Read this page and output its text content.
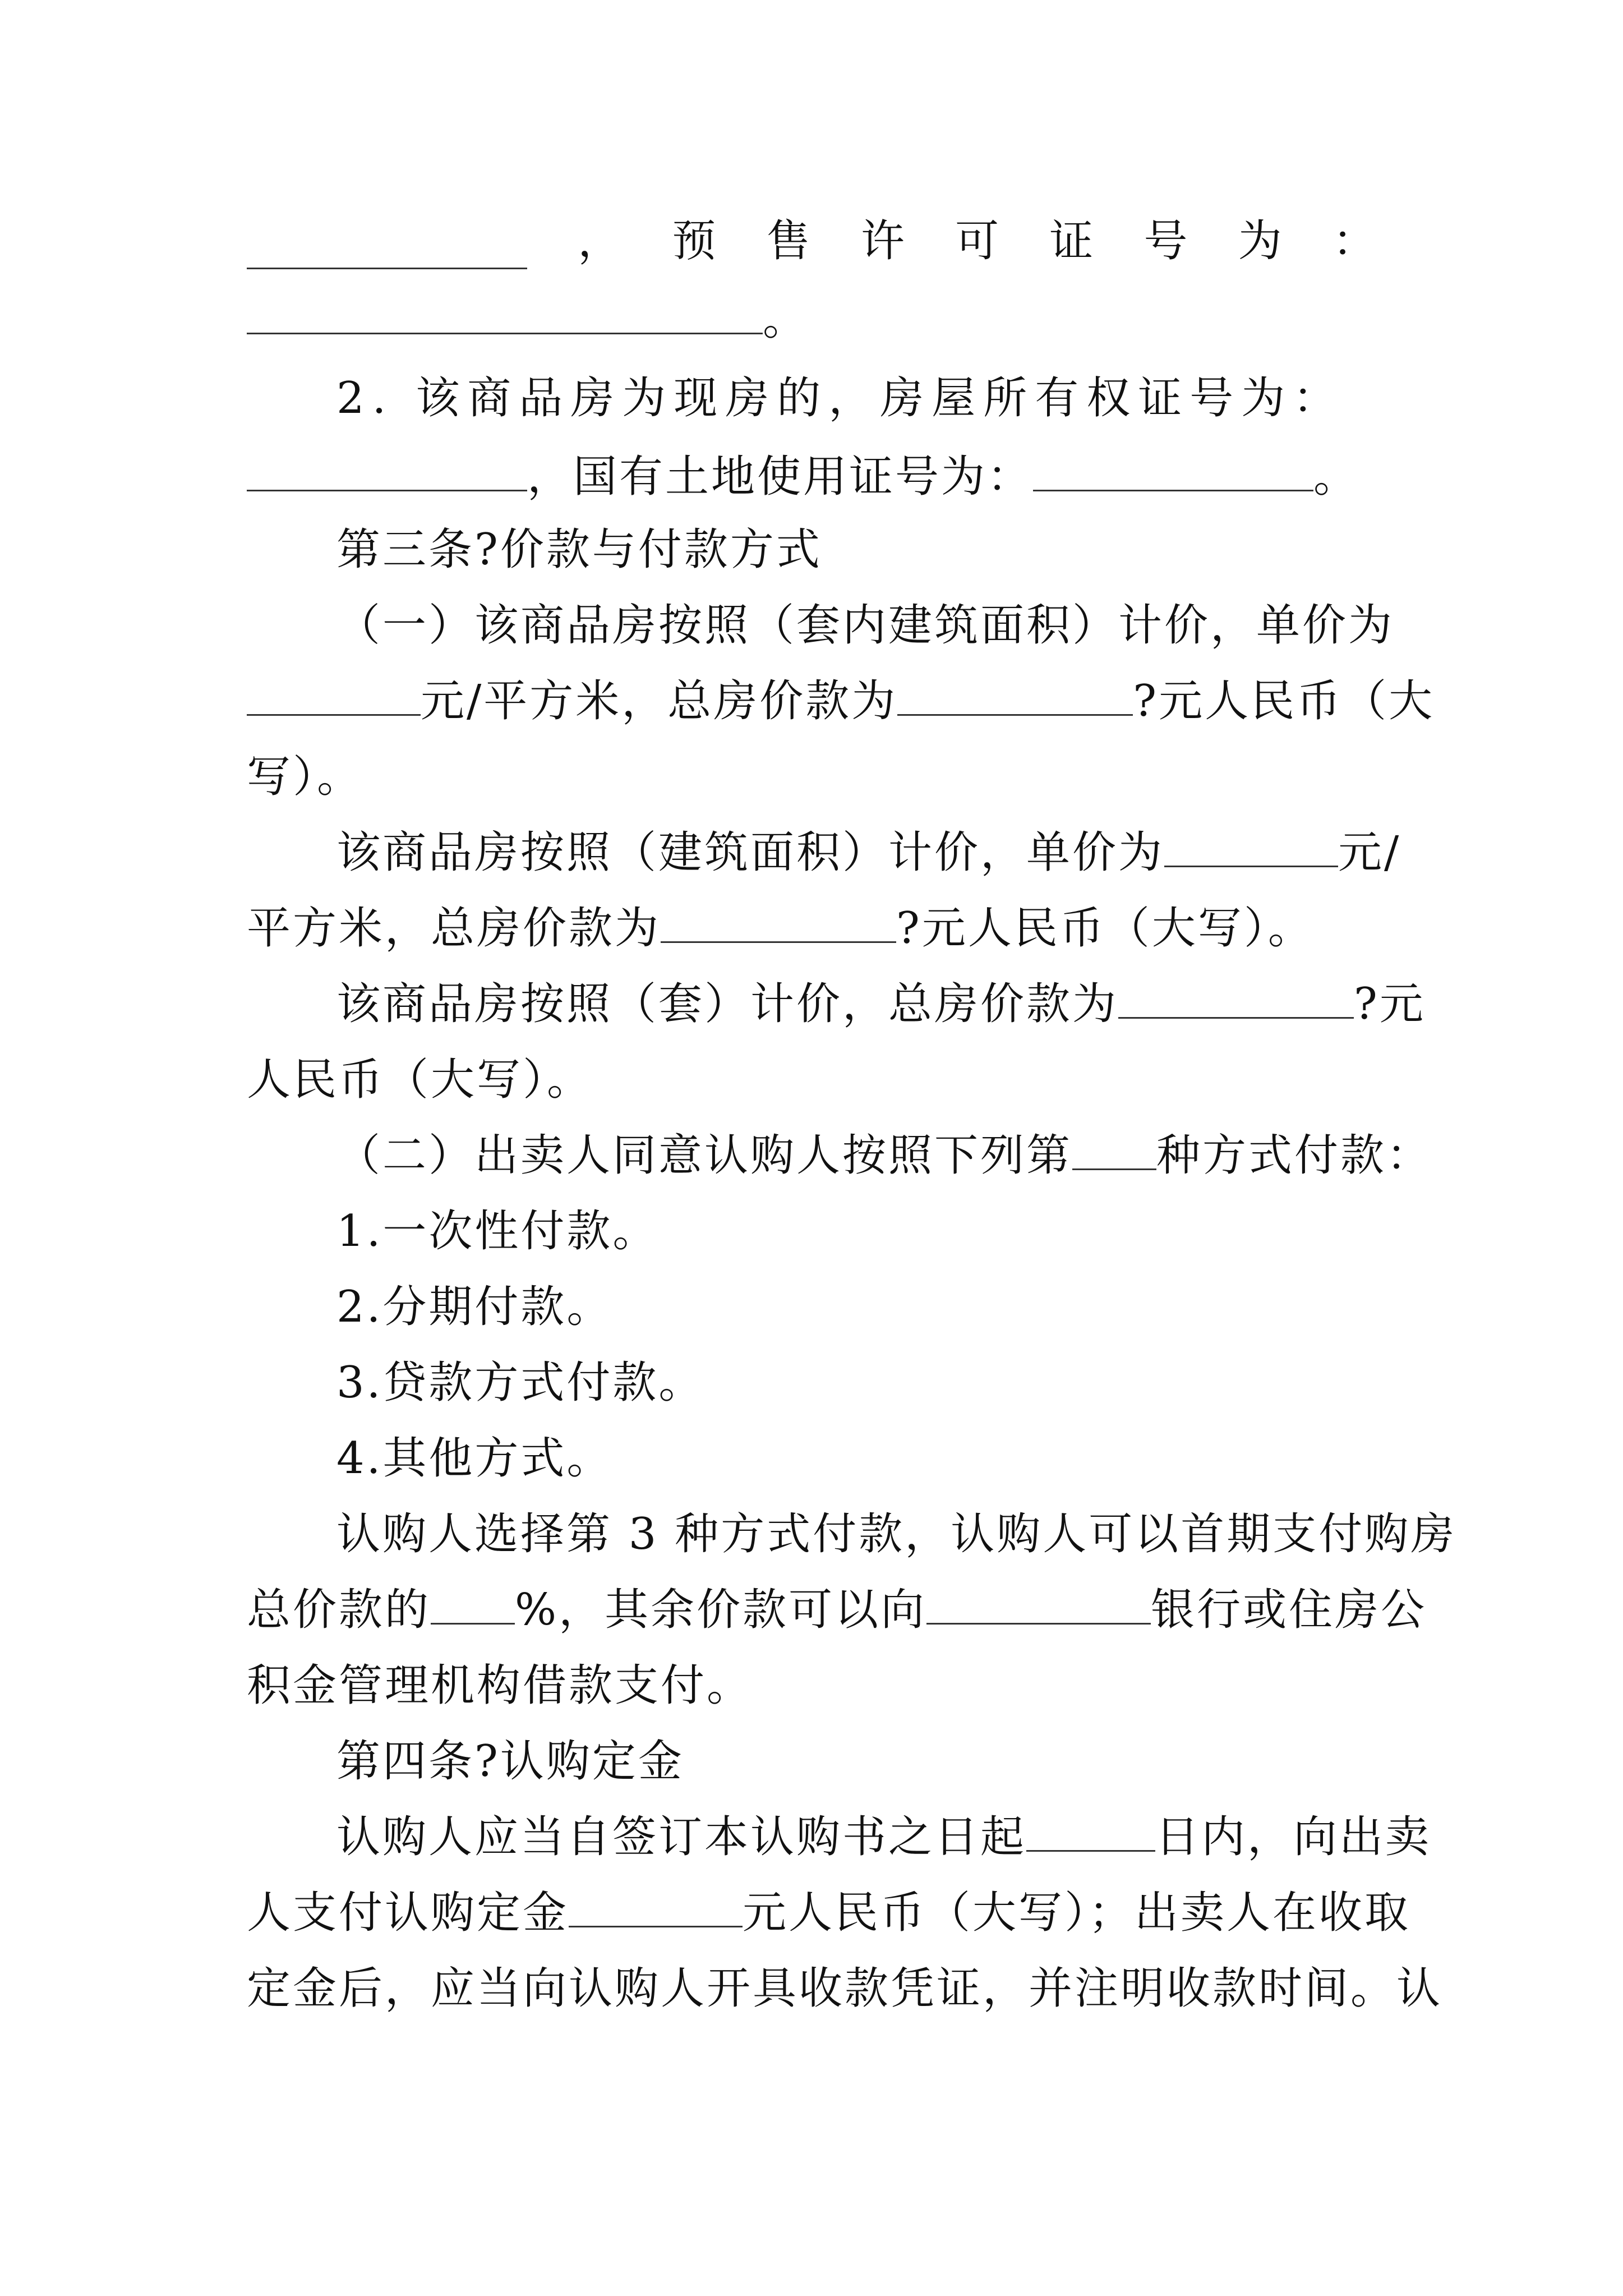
， 预 售 许 可 证 号 为 ：
。
2. 该商品房为现房的，房屋所有权证号为：
，国有土地使用证号为：	。
第三条?价款与付款方式
（一）该商品房按照（套内建筑面积）计价，单价为
元/平方米，总房价款为	?元人民币（大
写）。
该商品房按照（建筑面积）计价，单价为	元/
平方米，总房价款为	?元人民币（大写）。
该商品房按照（套）计价，总房价款为	?元
人民币（大写）。
（二）出卖人同意认购人按照下列第 种方式付款：
1.一次性付款。
2.分期付款。
3.贷款方式付款。
4.其他方式。
认购人选择第 3 种方式付款，认购人可以首期支付购房
总价款的 %，其余价款可以向	银行或住房公
积金管理机构借款支付。
第四条?认购定金
认购人应当自签订本认购书之日起	日内，向出卖
人支付认购定金	元人民币（大写）；出卖人在收取
定金后，应当向认购人开具收款凭证，并注明收款时间。认
